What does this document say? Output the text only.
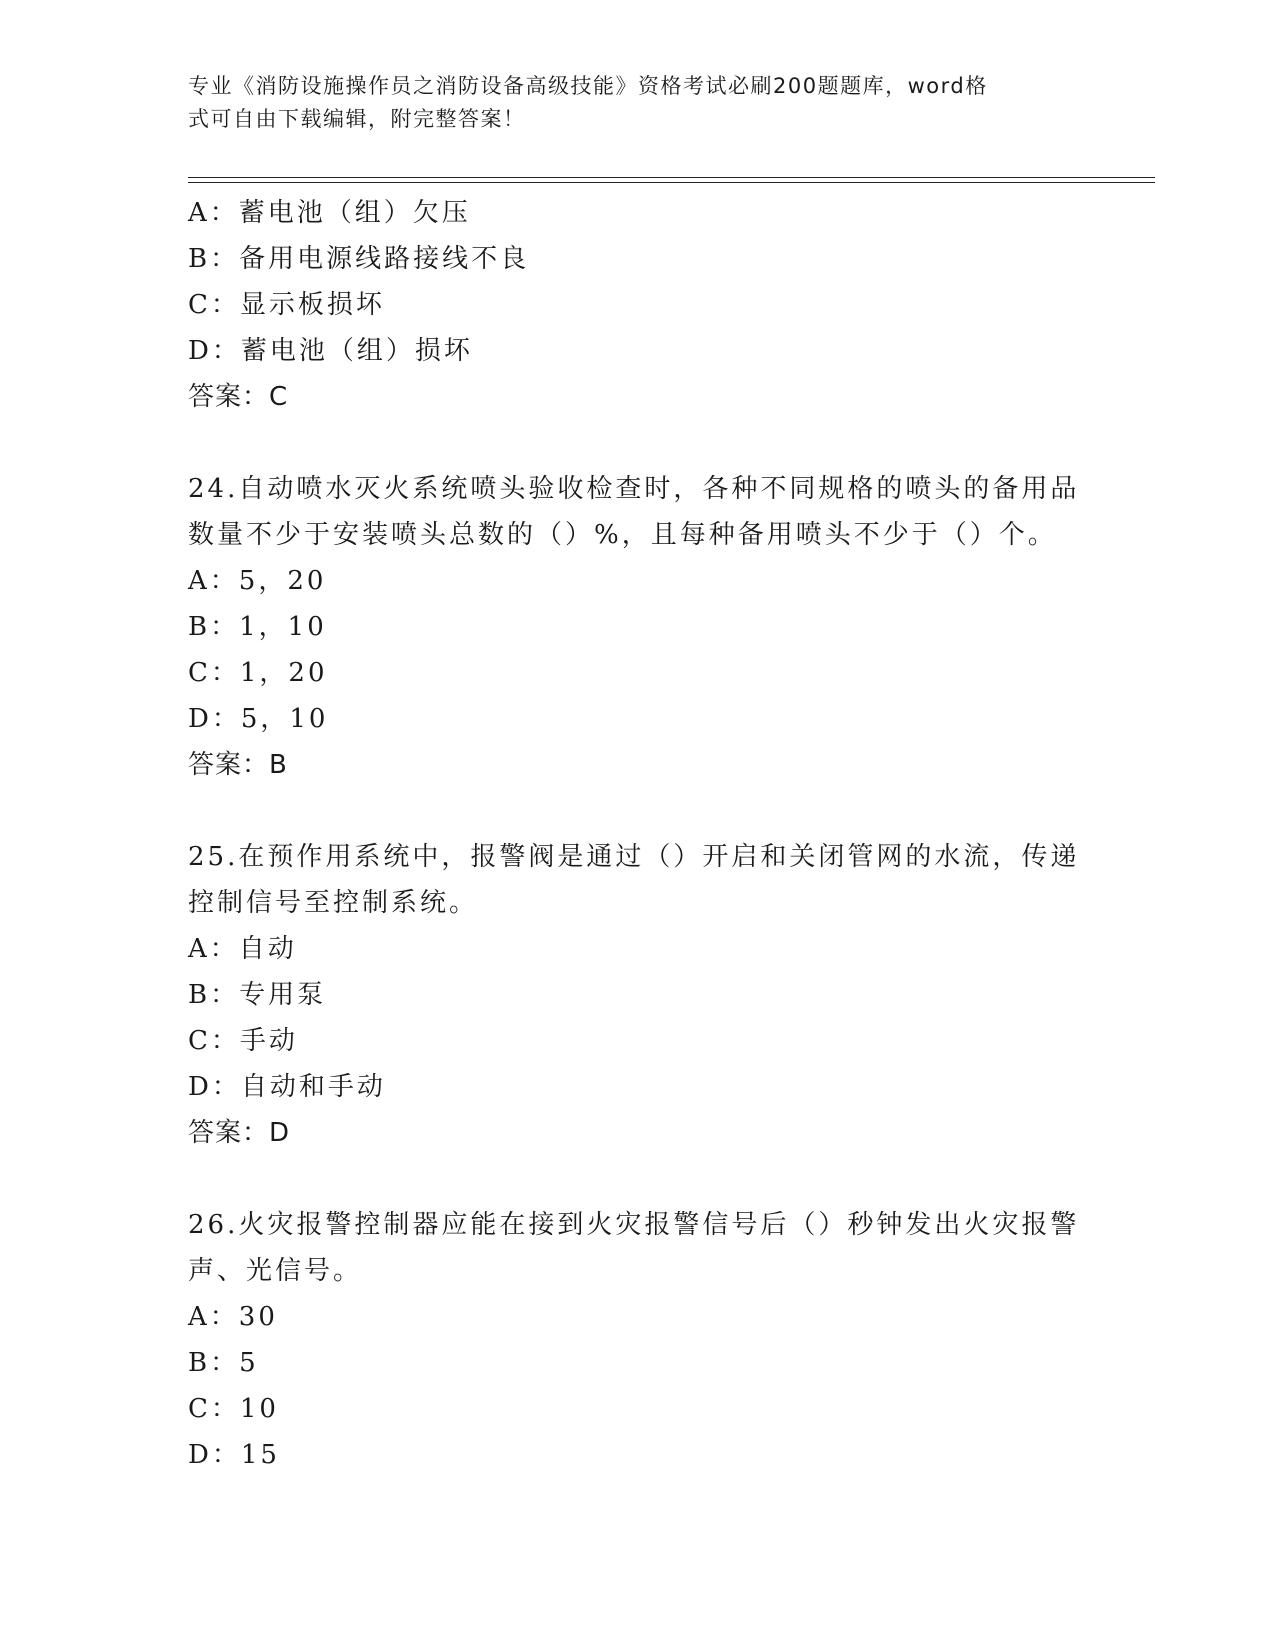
专业《消防设施操作员之消防设备高级技能》资格考试必刷200题题库，word格
式可自由下载编辑，附完整答案！
A：蓄电池（组）欠压
B：备用电源线路接线不良
C：显示板损坏
D：蓄电池（组）损坏
答案：C
24.自动喷水灭火系统喷头验收检查时，各种不同规格的喷头的备用品
数量不少于安装喷头总数的（）%，且每种备用喷头不少于（）个。
A：5，20
B：1，10
C：1，20
D：5，10
答案：B
25.在预作用系统中，报警阀是通过（）开启和关闭管网的水流，传递
控制信号至控制系统。
A：自动
B：专用泵
C：手动
D：自动和手动
答案：D
26.火灾报警控制器应能在接到火灾报警信号后（）秒钟发出火灾报警
声、光信号。
A：30
B：5
C：10
D：15
